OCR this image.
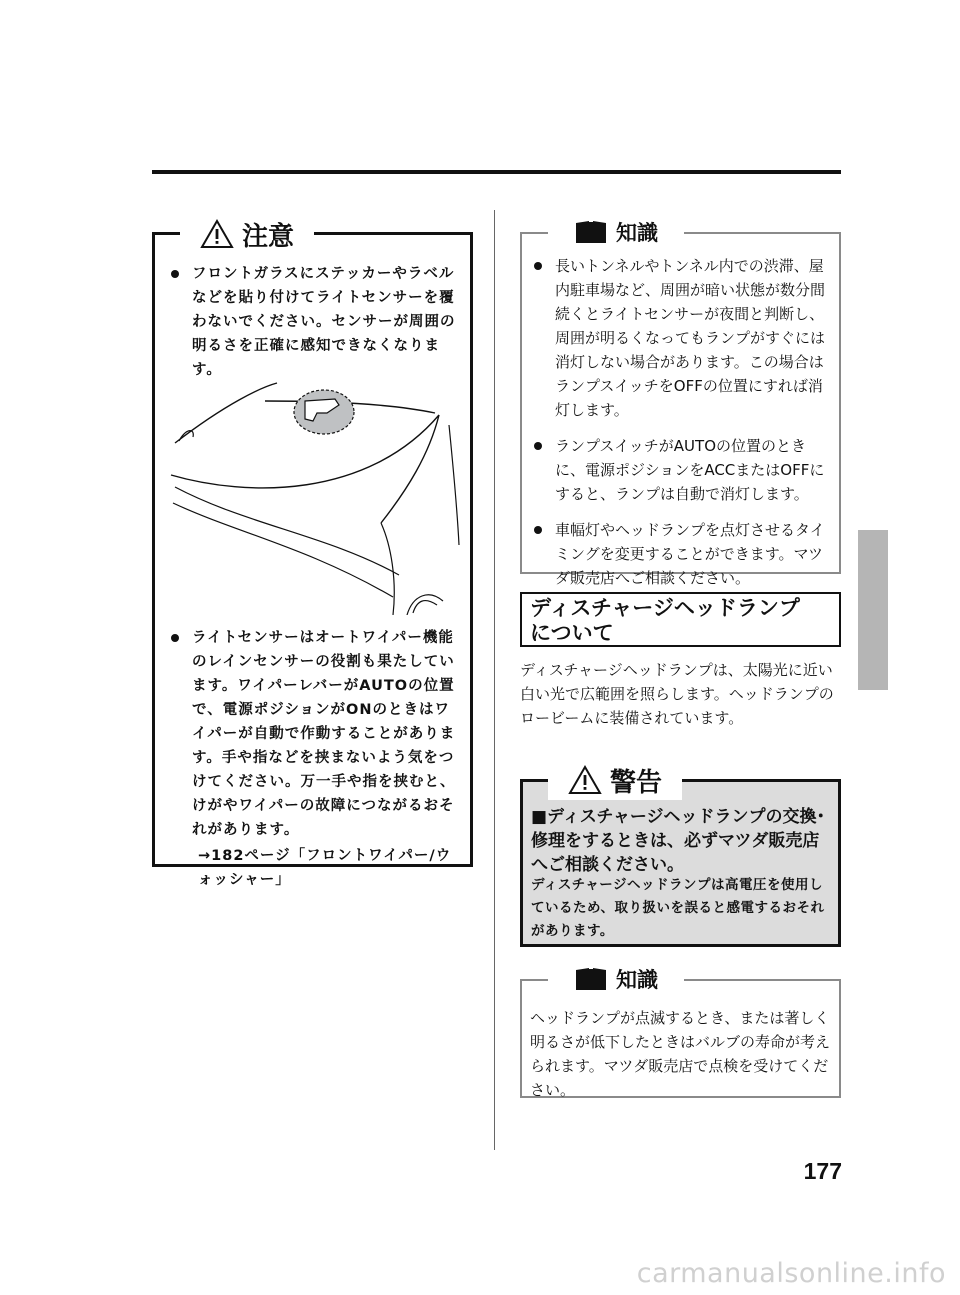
注意
フロントガラスにステッカーやラベルなどを貼り付けてライトセンサーを覆わないでください。センサーが周囲の明るさを正確に感知できなくなります。
ライトセンサーはオートワイパー機能のレインセンサーの役割も果たしています。ワイパーレバーがAUTOの位置で、電源ポジションがONのときはワイパーが自動で作動することがあります。手や指などを挟まないよう気をつけてください。万一手や指を挟むと、けがやワイパーの故障につながるおそれがあります。
→182ページ「フロントワイパー/ウォッシャー」
知識
長いトンネルやトンネル内での渋滞、屋内駐車場など、周囲が暗い状態が数分間続くとライトセンサーが夜間と判断し、周囲が明るくなってもランプがすぐには消灯しない場合があります。この場合はランプスイッチをOFFの位置にすれば消灯します。
ランプスイッチがAUTOの位置のときに、電源ポジションをACCまたはOFFにすると、ランプは自動で消灯します。
車幅灯やヘッドランプを点灯させるタイミングを変更することができます。マツダ販売店へご相談ください。
ディスチャージヘッドランプ
について
ディスチャージヘッドランプは、太陽光に近い白い光で広範囲を照らします。ヘッドランプのロービームに装備されています。
警告
■ディスチャージヘッドランプの交換･修理をするときは、必ずマツダ販売店へご相談ください。
ディスチャージヘッドランプは高電圧を使用しているため、取り扱いを誤ると感電するおそれがあります。
知識
ヘッドランプが点滅するとき、または著しく明るさが低下したときはバルブの寿命が考えられます。マツダ販売店で点検を受けてください。
177
carmanualsonline.info
